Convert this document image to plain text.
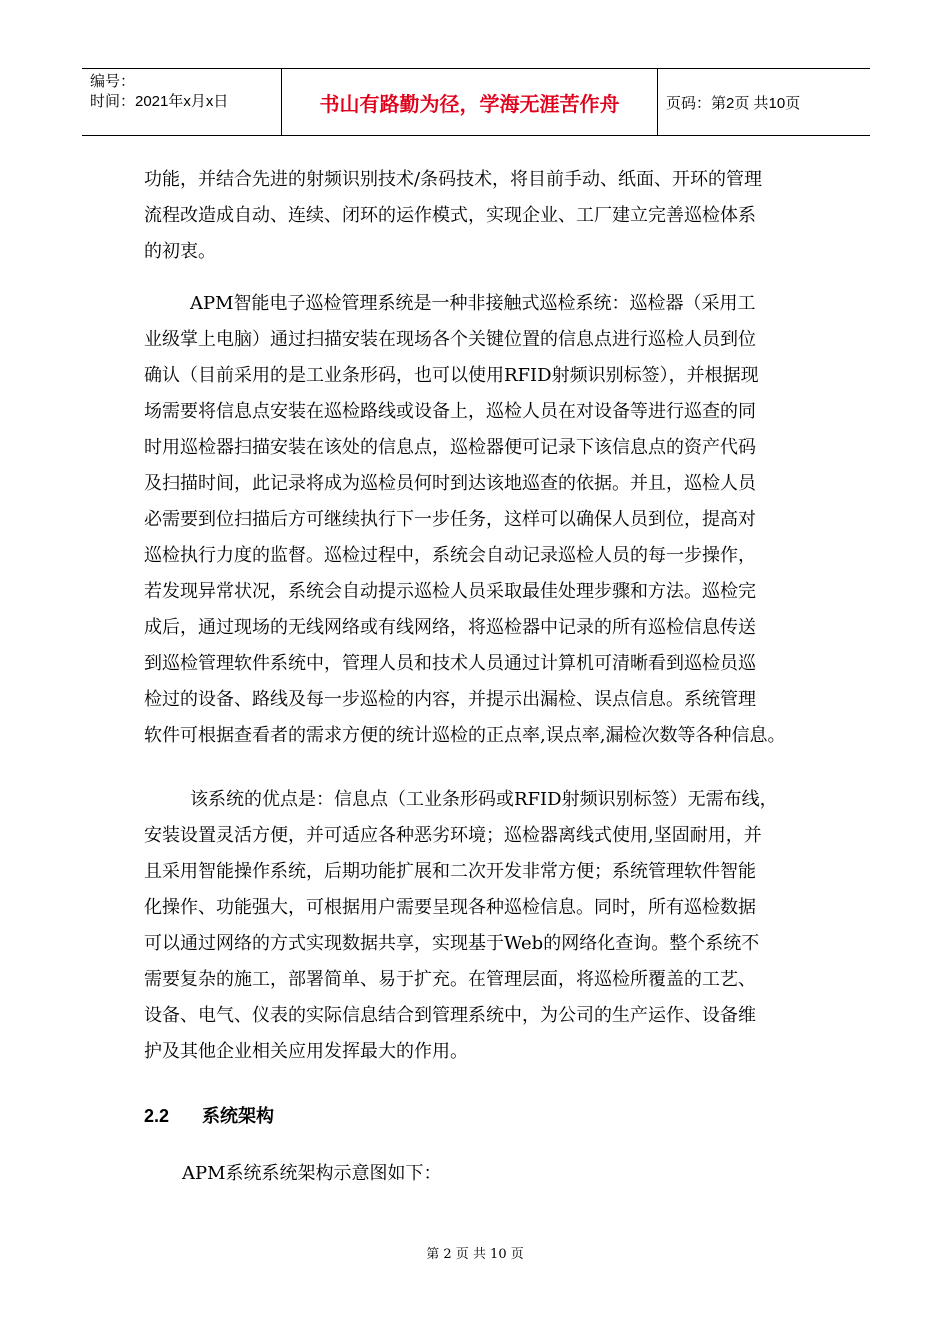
编号：
时间：2021年x月x日	书山有路勤为径，学海无涯苦作舟	页码：第2页 共10页
功能，并结合先进的射频识别技术/条码技术，将目前手动、纸面、开环的管理
流程改造成自动、连续、闭环的运作模式，实现企业、工厂建立完善巡检体系
的初衷。
APM智能电子巡检管理系统是一种非接触式巡检系统：巡检器（采用工
业级掌上电脑）通过扫描安装在现场各个关键位置的信息点进行巡检人员到位
确认（目前采用的是工业条形码，也可以使用RFID射频识别标签），并根据现
场需要将信息点安装在巡检路线或设备上，巡检人员在对设备等进行巡查的同
时用巡检器扫描安装在该处的信息点，巡检器便可记录下该信息点的资产代码
及扫描时间，此记录将成为巡检员何时到达该地巡查的依据。并且，巡检人员
必需要到位扫描后方可继续执行下一步任务，这样可以确保人员到位，提高对
巡检执行力度的监督。巡检过程中，系统会自动记录巡检人员的每一步操作，
若发现异常状况，系统会自动提示巡检人员采取最佳处理步骤和方法。巡检完
成后，通过现场的无线网络或有线网络，将巡检器中记录的所有巡检信息传送
到巡检管理软件系统中，管理人员和技术人员通过计算机可清晰看到巡检员巡
检过的设备、路线及每一步巡检的内容，并提示出漏检、误点信息。系统管理
软件可根据查看者的需求方便的统计巡检的正点率,误点率,漏检次数等各种信息。
该系统的优点是：信息点（工业条形码或RFID射频识别标签）无需布线，
安装设置灵活方便，并可适应各种恶劣环境；巡检器离线式使用,坚固耐用，并
且采用智能操作系统，后期功能扩展和二次开发非常方便；系统管理软件智能
化操作、功能强大，可根据用户需要呈现各种巡检信息。同时，所有巡检数据
可以通过网络的方式实现数据共享，实现基于Web的网络化查询。整个系统不
需要复杂的施工，部署简单、易于扩充。在管理层面，将巡检所覆盖的工艺、
设备、电气、仪表的实际信息结合到管理系统中，为公司的生产运作、设备维
护及其他企业相关应用发挥最大的作用。
2.2 系统架构
APM系统系统架构示意图如下：
第 2 页 共 10 页
